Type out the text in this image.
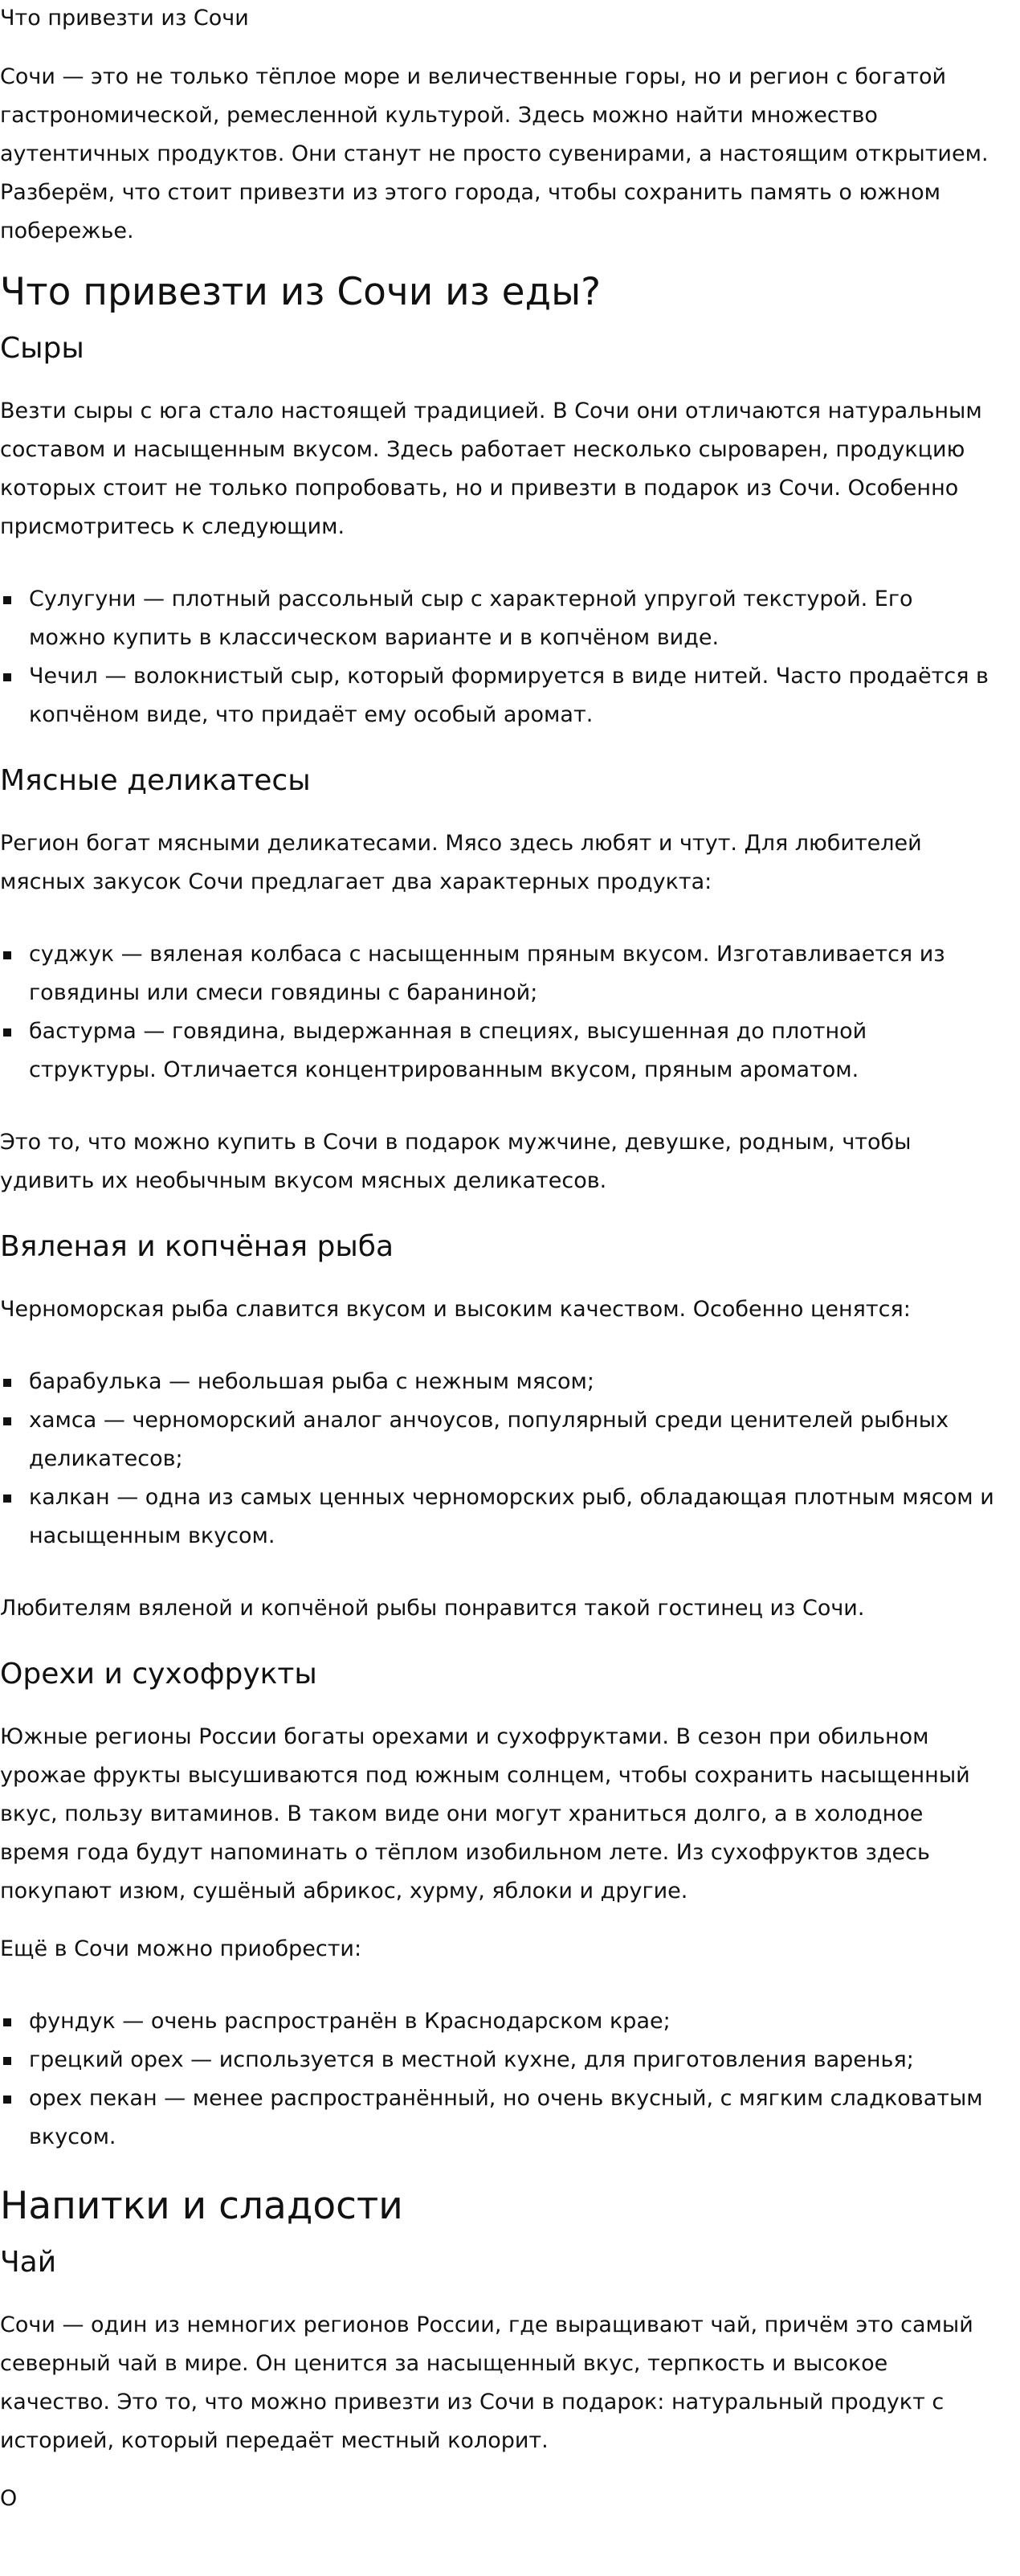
Что привезти из Сочи

Сочи — это не только тёплое море и величественные горы, но и регион с богатой гастрономической, ремесленной культурой. Здесь можно найти множество аутентичных продуктов. Они станут не просто сувенирами, а настоящим открытием. Разберём, что стоит привезти из этого города, чтобы сохранить память о южном побережье.

Что привезти из Сочи из еды?
Сыры

Везти сыры с юга стало настоящей традицией. В Сочи они отличаются натуральным составом и насыщенным вкусом. Здесь работает несколько сыроварен, продукцию которых стоит не только попробовать, но и привезти в подарок из Сочи. Особенно присмотритесь к следующим.

Сулугуни — плотный рассольный сыр с характерной упругой текстурой. Его можно купить в классическом варианте и в копчёном виде.
Чечил — волокнистый сыр, который формируется в виде нитей. Часто продаётся в копчёном виде, что придаёт ему особый аромат.
Мясные деликатесы

Регион богат мясными деликатесами. Мясо здесь любят и чтут. Для любителей мясных закусок Сочи предлагает два характерных продукта:

суджук — вяленая колбаса с насыщенным пряным вкусом. Изготавливается из говядины или смеси говядины с бараниной;
бастурма — говядина, выдержанная в специях, высушенная до плотной структуры. Отличается концентрированным вкусом, пряным ароматом.

Это то, что можно купить в Сочи в подарок мужчине, девушке, родным, чтобы удивить их необычным вкусом мясных деликатесов.

Вяленая и копчёная рыба

Черноморская рыба славится вкусом и высоким качеством. Особенно ценятся:

барабулька — небольшая рыба с нежным мясом;
хамса — черноморский аналог анчоусов, популярный среди ценителей рыбных деликатесов;
калкан — одна из самых ценных черноморских рыб, обладающая плотным мясом и насыщенным вкусом.

Любителям вяленой и копчёной рыбы понравится такой гостинец из Сочи.

Орехи и сухофрукты

Южные регионы России богаты орехами и сухофруктами. В сезон при обильном урожае фрукты высушиваются под южным солнцем, чтобы сохранить насыщенный вкус, пользу витаминов. В таком виде они могут храниться долго, а в холодное время года будут напоминать о тёплом изобильном лете. Из сухофруктов здесь покупают изюм, сушёный абрикос, хурму, яблоки и другие.

Ещё в Сочи можно приобрести:

фундук — очень распространён в Краснодарском крае;
грецкий орех — используется в местной кухне, для приготовления варенья;
орех пекан — менее распространённый, но очень вкусный, с мягким сладковатым вкусом.
Напитки и сладости
Чай

Сочи — один из немногих регионов России, где выращивают чай, причём это самый северный чай в мире. Он ценится за насыщенный вкус, терпкость и высокое качество. Это то, что можно привезти из Сочи в подарок: натуральный продукт с историей, который передаёт местный колорит.

О
